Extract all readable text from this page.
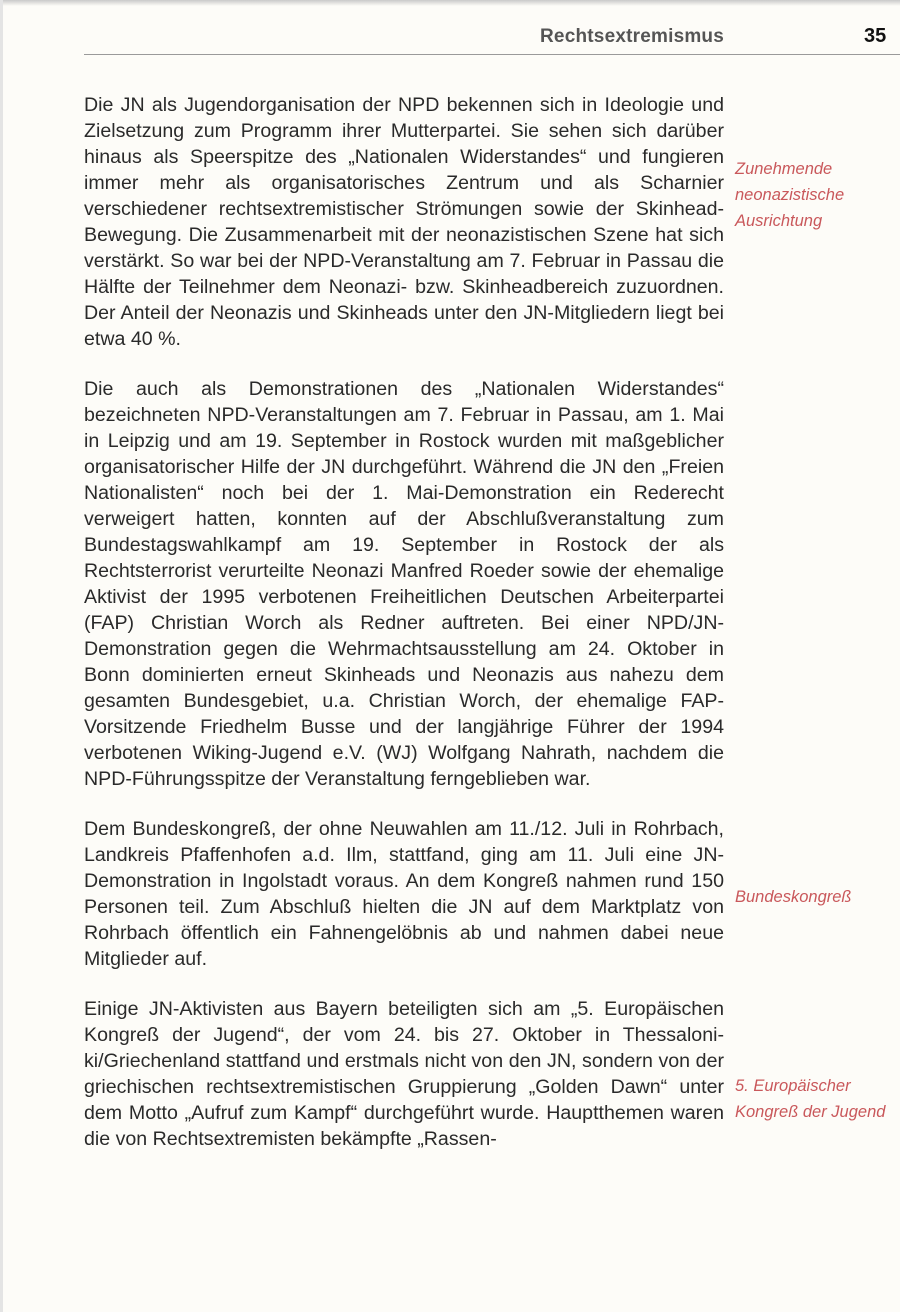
Rechtsextremismus	35

Die JN als Jugendorganisation der NPD bekennen sich in Ideologie und Zielsetzung zum Programm ihrer Mutterpartei. Sie sehen sich darüber hinaus als Speerspitze des „Nationalen Widerstandes“ und fungieren immer mehr als organisatorisches Zentrum und als Scharnier verschiedener rechtsextremistischer Strömungen sowie der Skinhead-Bewegung. Die Zusammenarbeit mit der neonazistischen Szene hat sich verstärkt. So war bei der NPD-Veranstaltung am 7. Februar in Passau die Hälfte der Teilnehmer dem Neonazi- bzw. Skinheadbereich zuzuordnen. Der Anteil der Neonazis und Skinheads unter den JN-Mitgliedern liegt bei etwa 40 %.

Die auch als Demonstrationen des „Nationalen Widerstandes“ bezeichneten NPD-Veranstaltungen am 7. Februar in Passau, am 1. Mai in Leipzig und am 19. September in Rostock wurden mit maßgeblicher organisatorischer Hilfe der JN durchgeführt. Während die JN den „Freien Nationalisten“ noch bei der 1. Mai-Demonstration ein Rederecht verweigert hatten, konnten auf der Abschlußveranstaltung zum Bundestagswahlkampf am 19. September in Rostock der als Rechtsterrorist verurteilte Neonazi Manfred Roeder sowie der ehemalige Aktivist der 1995 verbotenen Freiheitlichen Deutschen Arbeiterpartei (FAP) Christian Worch als Redner auftreten. Bei einer NPD/JN-Demonstration gegen die Wehrmachtsausstellung am 24. Oktober in Bonn dominierten erneut Skinheads und Neonazis aus nahezu dem gesamten Bundesgebiet, u.a. Christian Worch, der ehemalige FAP-Vorsitzende Friedhelm Busse und der langjährige Führer der 1994 verbotenen Wiking-Jugend e.V. (WJ) Wolfgang Nahrath, nachdem die NPD-Führungsspitze der Veranstaltung ferngeblieben war.

Dem Bundeskongreß, der ohne Neuwahlen am 11./12. Juli in Rohrbach, Landkreis Pfaffenhofen a.d. Ilm, stattfand, ging am 11. Juli eine JN-Demonstration in Ingolstadt voraus. An dem Kongreß nahmen rund 150 Personen teil. Zum Abschluß hielten die JN auf dem Marktplatz von Rohrbach öffentlich ein Fahnengelöbnis ab und nahmen dabei neue Mitglieder auf.

Einige JN-Aktivisten aus Bayern beteiligten sich am „5. Europäischen Kongreß der Jugend“, der vom 24. bis 27. Oktober in Thessaloniki/Griechenland stattfand und erstmals nicht von den JN, sondern von der griechischen rechtsextremistischen Gruppierung „Golden Dawn“ unter dem Motto „Aufruf zum Kampf“ durchgeführt wurde. Hauptthemen waren die von Rechtsextremisten bekämpfte „Rassen-

Zunehmende neonazistische Ausrichtung
Bundeskongreß
5. Europäischer Kongreß der Jugend
